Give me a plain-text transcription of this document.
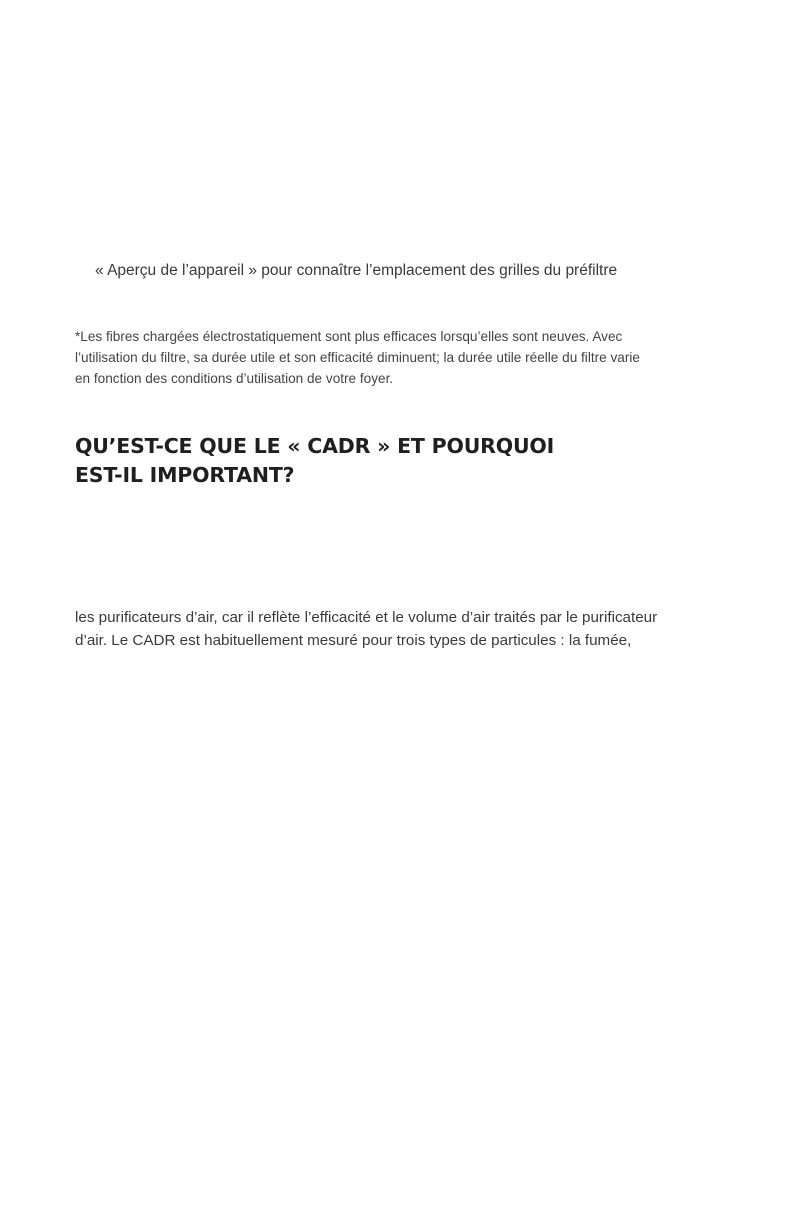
« Aperçu de l’appareil » pour connaître l’emplacement des grilles du préfiltre
*Les fibres chargées électrostatiquement sont plus efficaces lorsqu’elles sont neuves. Avec
l’utilisation du filtre, sa durée utile et son efficacité diminuent; la durée utile réelle du filtre varie
en fonction des conditions d’utilisation de votre foyer.
QU’EST-CE QUE LE « CADR » ET POURQUOI
EST-IL IMPORTANT?
les purificateurs d’air, car il reflète l’efficacité et le volume d’air traités par le purificateur
d’air. Le CADR est habituellement mesuré pour trois types de particules : la fumée,
